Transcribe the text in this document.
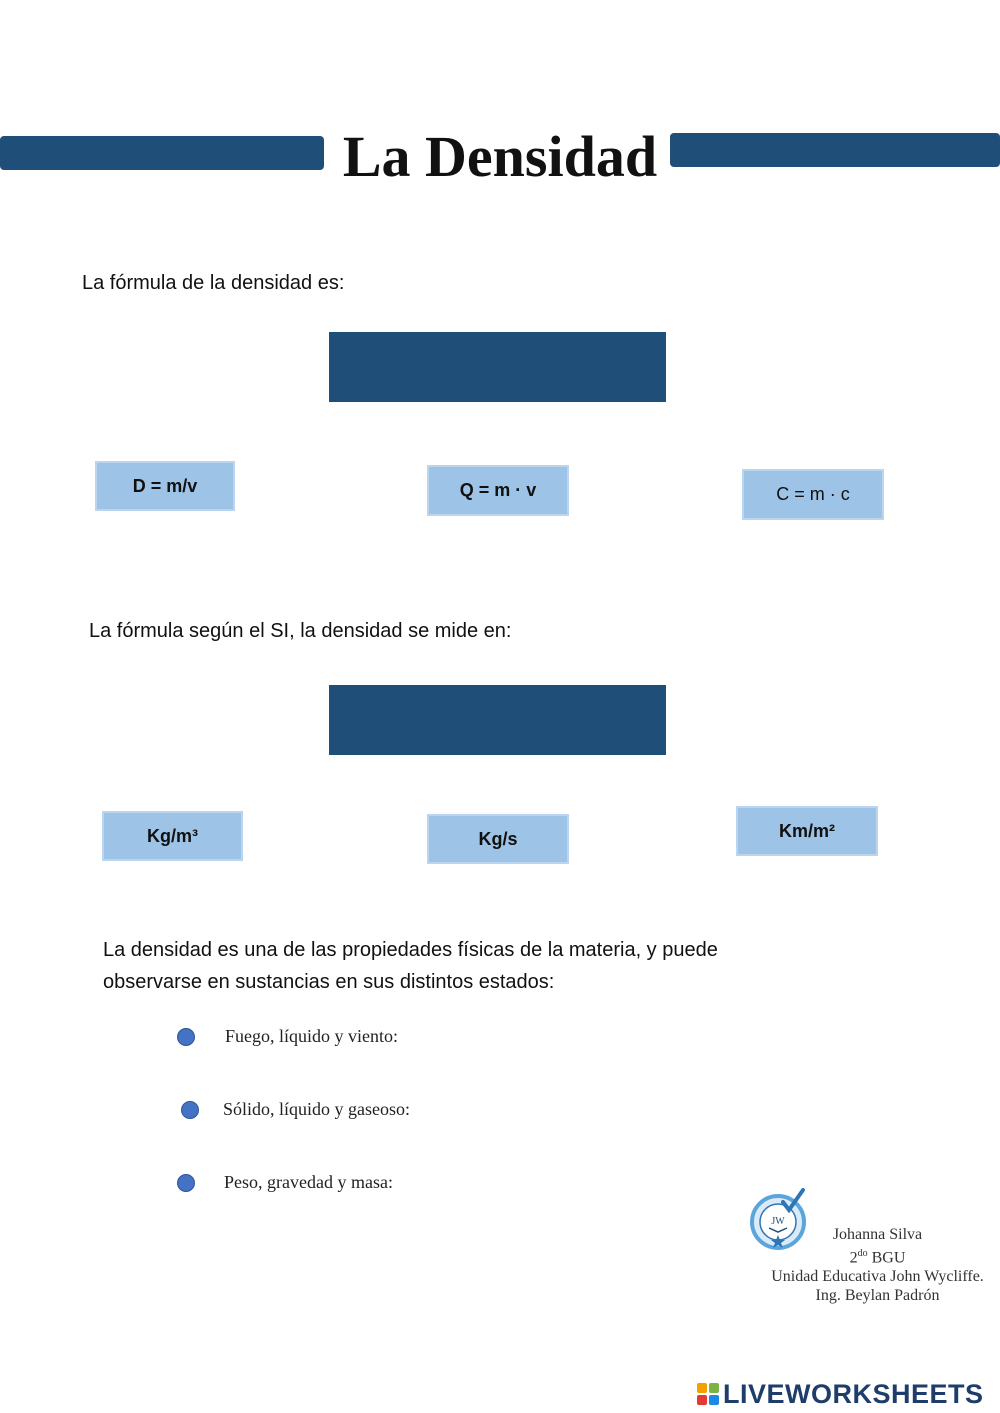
La Densidad
La fórmula de la densidad es:
D = m/v	Q = m · v	C = m · c
La fórmula según el SI, la densidad se mide en:
Kg/m³	Kg/s	Km/m²
La densidad es una de las propiedades físicas de la materia, y puede
observarse en sustancias en sus distintos estados:
Fuego, líquido y viento:
Sólido, líquido y gaseoso:
Peso, gravedad y masa:
JW
Johanna Silva
$2^{do}$ BGU
Unidad Educativa John Wycliffe.
Ing. Beylan Padrón
LIVEWORKSHEETS
